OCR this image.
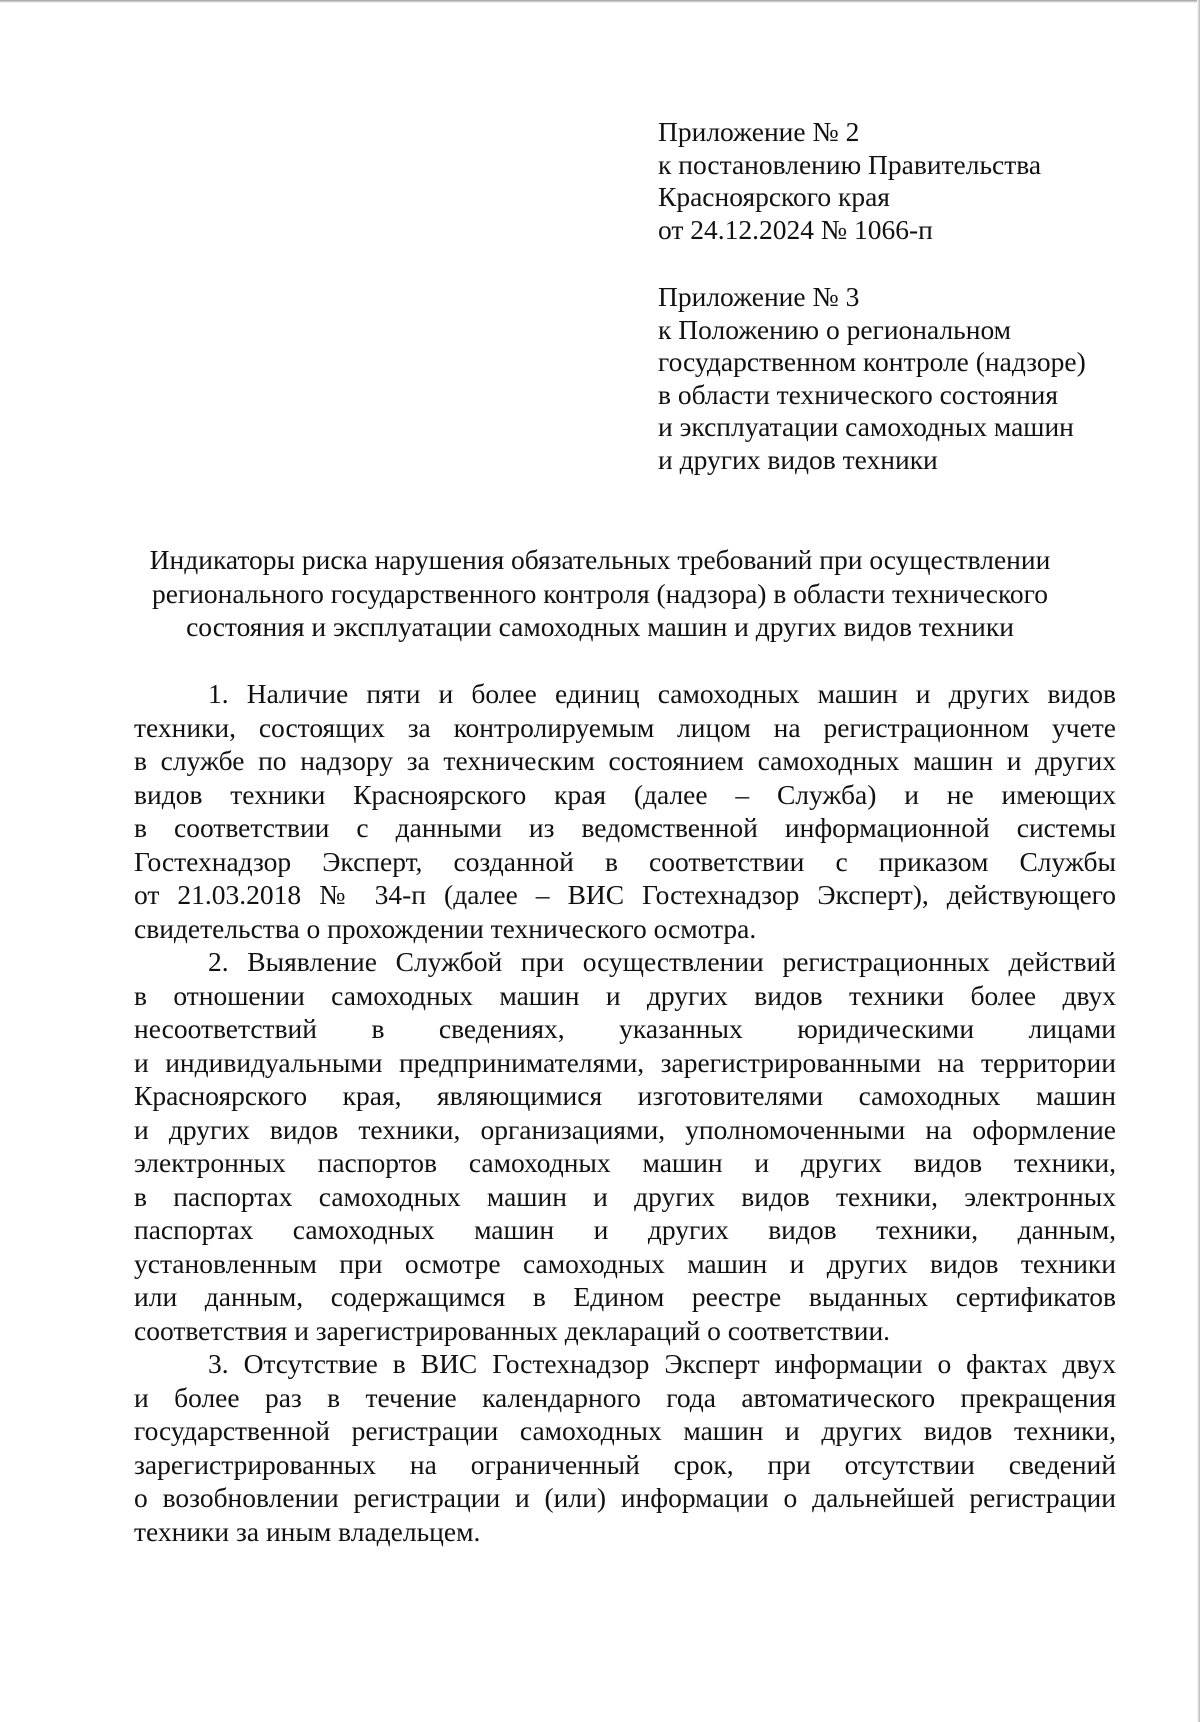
Приложение № 2
к постановлению Правительства
Красноярского края
от 24.12.2024 № 1066-п
Приложение № 3
к Положению о региональном
государственном контроле (надзоре)
в области технического состояния
и эксплуатации самоходных машин
и других видов техники
Индикаторы риска нарушения обязательных требований при осуществлении
регионального государственного контроля (надзора) в области технического
состояния и эксплуатации самоходных машин и других видов техники
1. Наличие пяти и более единиц самоходных машин и других видов
техники, состоящих за контролируемым лицом на регистрационном учете
в службе по надзору за техническим состоянием самоходных машин и других
видов техники Красноярского края (далее – Служба) и не имеющих
в соответствии с данными из ведомственной информационной системы
Гостехнадзор Эксперт, созданной в соответствии с приказом Службы
от 21.03.2018 № 34-п (далее – ВИС Гостехнадзор Эксперт), действующего
свидетельства о прохождении технического осмотра.
2. Выявление Службой при осуществлении регистрационных действий
в отношении самоходных машин и других видов техники более двух
несоответствий в сведениях, указанных юридическими лицами
и индивидуальными предпринимателями, зарегистрированными на территории
Красноярского края, являющимися изготовителями самоходных машин
и других видов техники, организациями, уполномоченными на оформление
электронных паспортов самоходных машин и других видов техники,
в паспортах самоходных машин и других видов техники, электронных
паспортах самоходных машин и других видов техники, данным,
установленным при осмотре самоходных машин и других видов техники
или данным, содержащимся в Едином реестре выданных сертификатов
соответствия и зарегистрированных деклараций о соответствии.
3. Отсутствие в ВИС Гостехнадзор Эксперт информации о фактах двух
и более раз в течение календарного года автоматического прекращения
государственной регистрации самоходных машин и других видов техники,
зарегистрированных на ограниченный срок, при отсутствии сведений
о возобновлении регистрации и (или) информации о дальнейшей регистрации
техники за иным владельцем.
